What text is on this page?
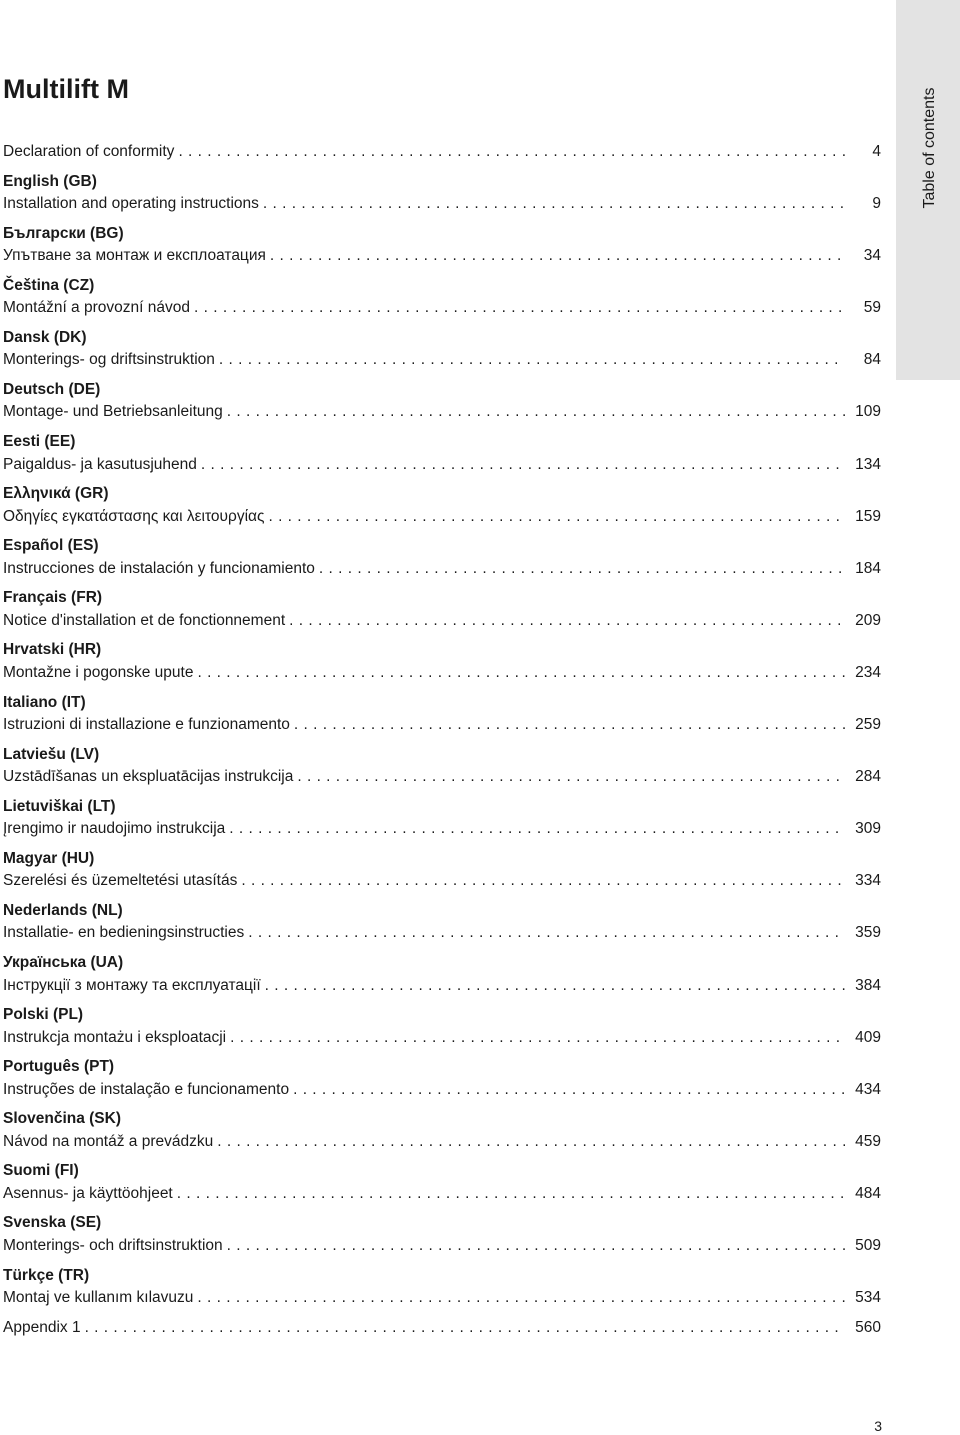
Table of contents
Multilift M
Declaration of conformity . . .	4
English (GB)
Installation and operating instructions . . .	9
Български (BG)
Упътване за монтаж и експлоатация . . .	34
Čeština (CZ)
Montážní a provozní návod . . .	59
Dansk (DK)
Monterings- og driftsinstruktion . . .	84
Deutsch (DE)
Montage- und Betriebsanleitung . . .	109
Eesti (EE)
Paigaldus- ja kasutusjuhend . . .	134
Ελληνικά (GR)
Οδηγίες εγκατάστασης και λειτουργίας . . .	159
Español (ES)
Instrucciones de instalación y funcionamiento . . .	184
Français (FR)
Notice d'installation et de fonctionnement . . .	209
Hrvatski (HR)
Montažne i pogonske upute . . .	234
Italiano (IT)
Istruzioni di installazione e funzionamento . . .	259
Latviešu (LV)
Uzstādīšanas un ekspluatācijas instrukcija . . .	284
Lietuviškai (LT)
Įrengimo ir naudojimo instrukcija . . .	309
Magyar (HU)
Szerelési és üzemeltetési utasítás . . .	334
Nederlands (NL)
Installatie- en bedieningsinstructies . . .	359
Українська (UA)
Інструкції з монтажу та експлуатації . . .	384
Polski (PL)
Instrukcja montażu i eksploatacji . . .	409
Português (PT)
Instruções de instalação e funcionamento . . .	434
Slovenčina (SK)
Návod na montáž a prevádzku . . .	459
Suomi (FI)
Asennus- ja käyttöohjeet . . .	484
Svenska (SE)
Monterings- och driftsinstruktion . . .	509
Türkçe (TR)
Montaj ve kullanım kılavuzu . . .	534
Appendix 1 . . .	560
3
